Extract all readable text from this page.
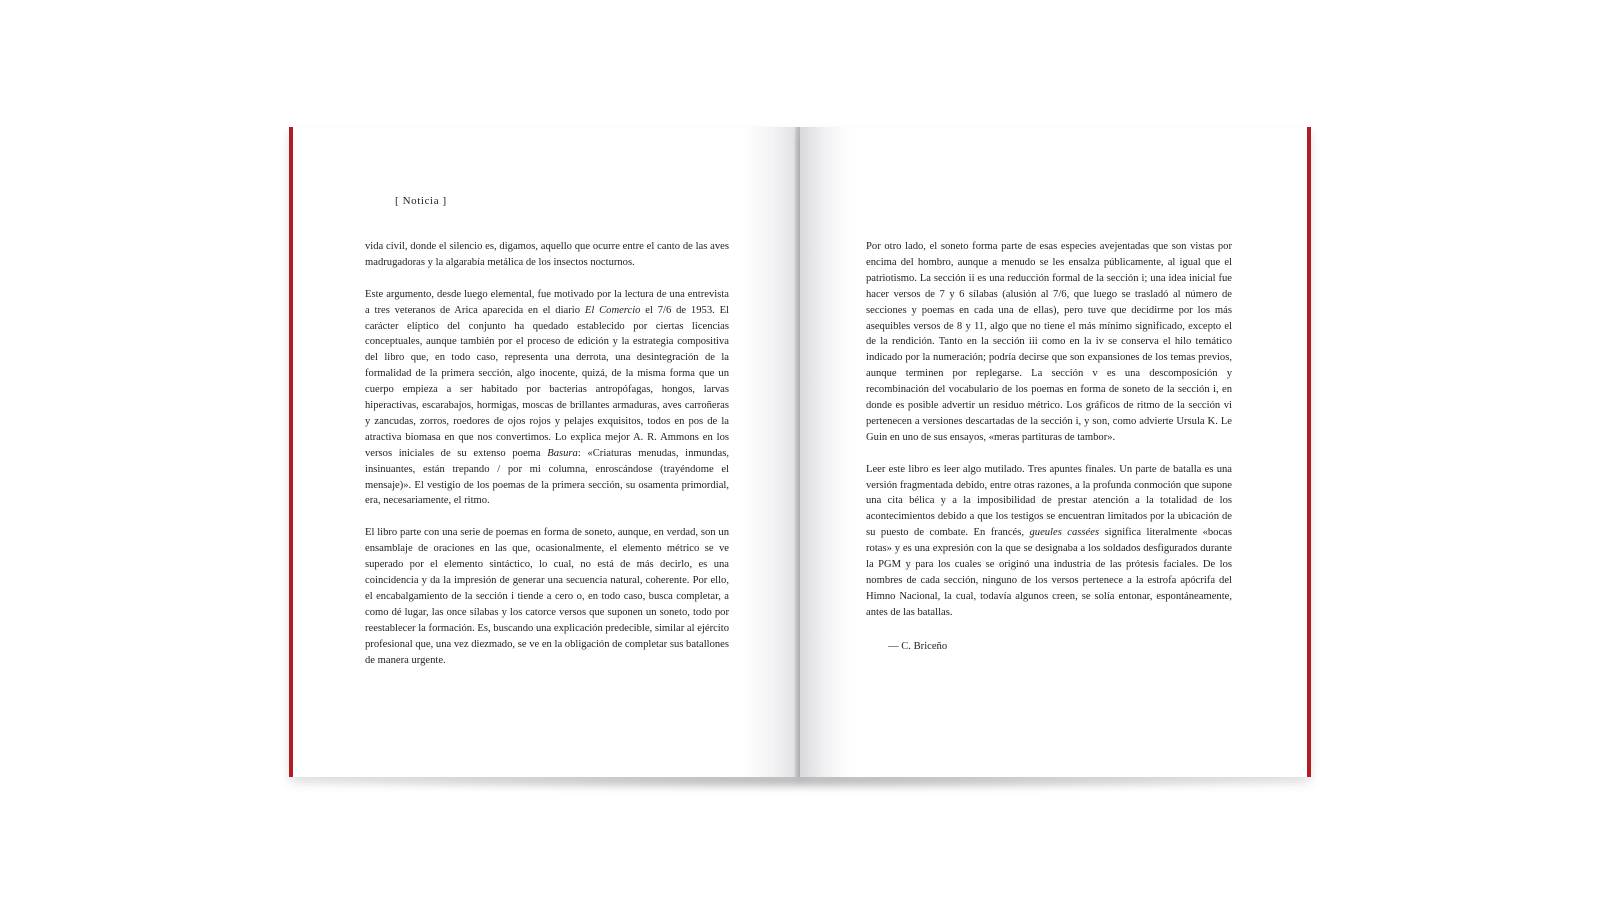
[ Noticia ]

vida civil, donde el silencio es, digamos, aquello que ocurre entre el canto de las aves madrugadoras y la algarabía metálica de los insectos nocturnos.

Este argumento, desde luego elemental, fue motivado por la lectura de una entrevista a tres veteranos de Arica aparecida en el diario El Comercio el 7/6 de 1953. El carácter elíptico del conjunto ha quedado establecido por ciertas licencias conceptuales, aunque también por el proceso de edición y la estrategia compositiva del libro que, en todo caso, representa una derrota, una desintegración de la formalidad de la primera sección, algo inocente, quizá, de la misma forma que un cuerpo empieza a ser habitado por bacterias antropófagas, hongos, larvas hiperactivas, escarabajos, hormigas, moscas de brillantes armaduras, aves carroñeras y zancudas, zorros, roedores de ojos rojos y pelajes exquisitos, todos en pos de la atractiva biomasa en que nos convertimos. Lo explica mejor A. R. Ammons en los versos iniciales de su extenso poema Basura: «Criaturas menudas, inmundas, insinuantes, están trepando / por mi columna, enroscándose (trayéndome el mensaje)». El vestigio de los poemas de la primera sección, su osamenta primordial, era, necesariamente, el ritmo.

El libro parte con una serie de poemas en forma de soneto, aunque, en verdad, son un ensamblaje de oraciones en las que, ocasionalmente, el elemento métrico se ve superado por el elemento sintáctico, lo cual, no está de más decirlo, es una coincidencia y da la impresión de generar una secuencia natural, coherente. Por ello, el encabalgamiento de la sección i tiende a cero o, en todo caso, busca completar, a como dé lugar, las once sílabas y los catorce versos que suponen un soneto, todo por reestablecer la formación. Es, buscando una explicación predecible, similar al ejército profesional que, una vez diezmado, se ve en la obligación de completar sus batallones de manera urgente.

Por otro lado, el soneto forma parte de esas especies avejentadas que son vistas por encima del hombro, aunque a menudo se les ensalza públicamente, al igual que el patriotismo. La sección ii es una reducción formal de la sección i; una idea inicial fue hacer versos de 7 y 6 sílabas (alusión al 7/6, que luego se trasladó al número de secciones y poemas en cada una de ellas), pero tuve que decidirme por los más asequibles versos de 8 y 11, algo que no tiene el más mínimo significado, excepto el de la rendición. Tanto en la sección iii como en la iv se conserva el hilo temático indicado por la numeración; podría decirse que son expansiones de los temas previos, aunque terminen por replegarse. La sección v es una descomposición y recombinación del vocabulario de los poemas en forma de soneto de la sección i, en donde es posible advertir un residuo métrico. Los gráficos de ritmo de la sección vi pertenecen a versiones descartadas de la sección i, y son, como advierte Ursula K. Le Guin en uno de sus ensayos, «meras partituras de tambor».

Leer este libro es leer algo mutilado. Tres apuntes finales. Un parte de batalla es una versión fragmentada debido, entre otras razones, a la profunda conmoción que supone una cita bélica y a la imposibilidad de prestar atención a la totalidad de los acontecimientos debido a que los testigos se encuentran limitados por la ubicación de su puesto de combate. En francés, gueules cassées significa literalmente «bocas rotas» y es una expresión con la que se designaba a los soldados desfigurados durante la PGM y para los cuales se originó una industria de las prótesis faciales. De los nombres de cada sección, ninguno de los versos pertenece a la estrofa apócrifa del Himno Nacional, la cual, todavía algunos creen, se solía entonar, espontáneamente, antes de las batallas.

— C. Briceño
